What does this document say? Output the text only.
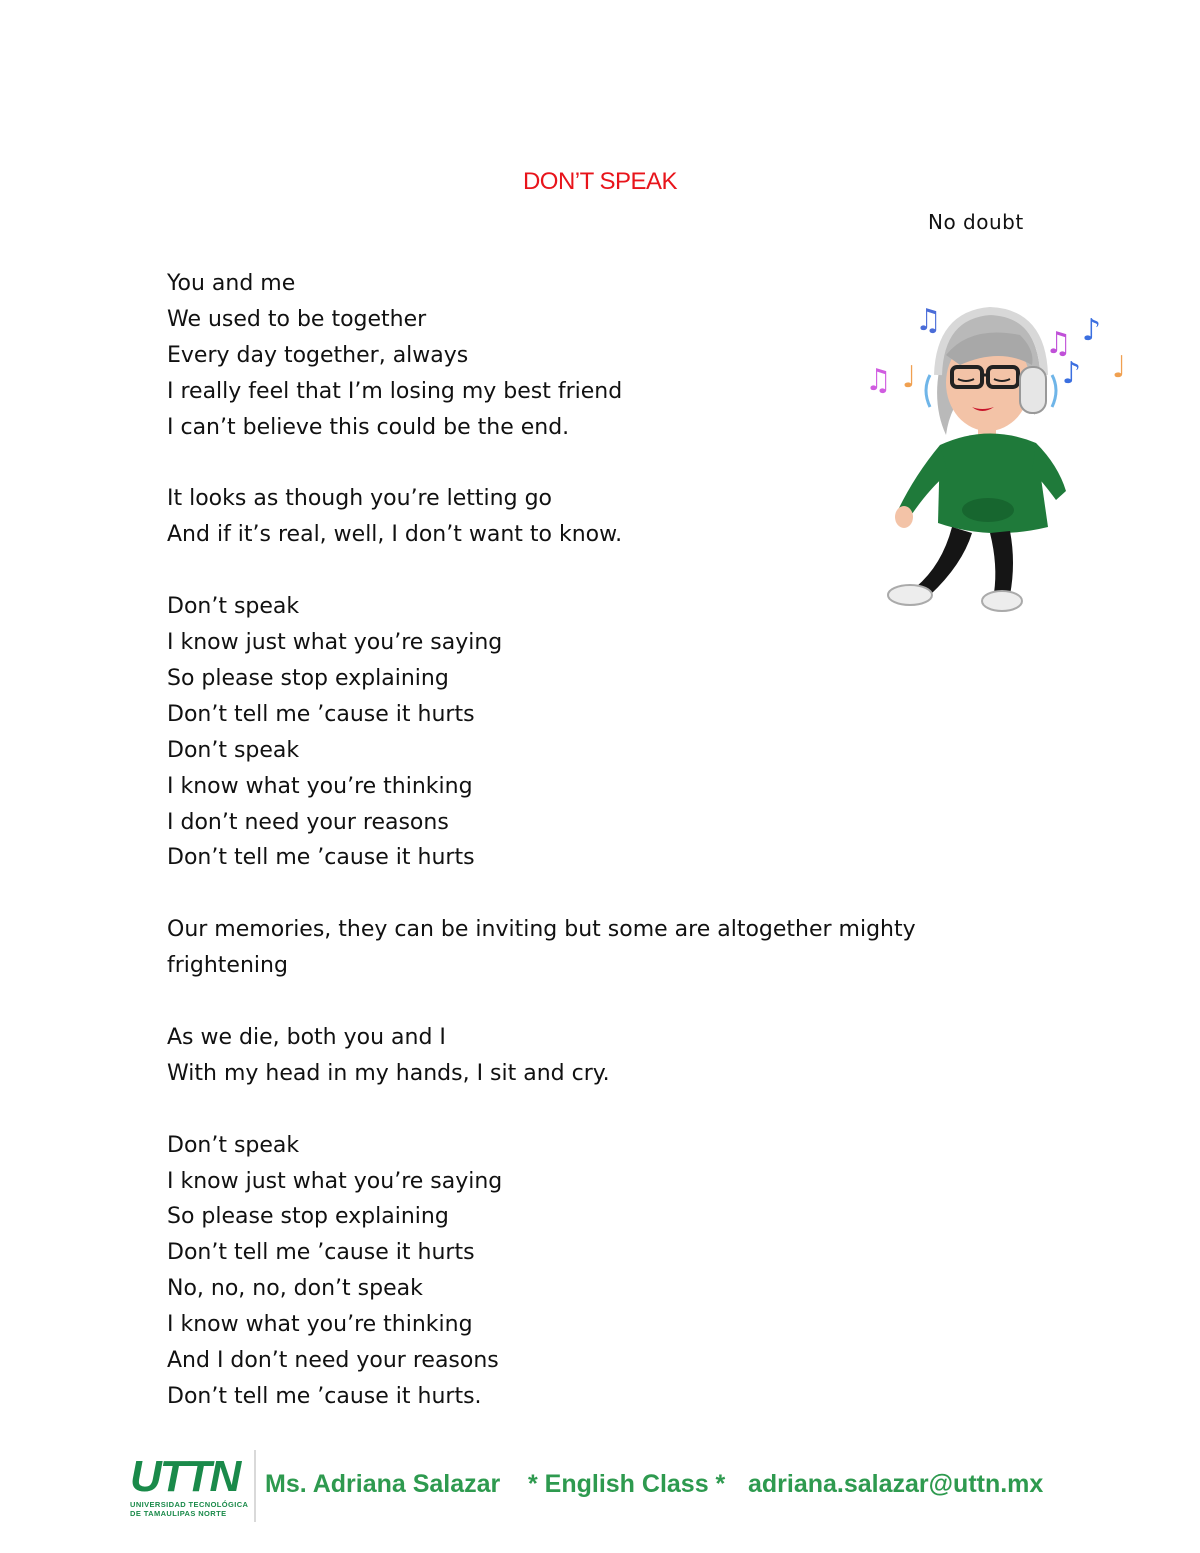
DON’T SPEAK
No doubt
You and me
We used to be together
Every day together, always
I really feel that I’m losing my best friend
I can’t believe this could be the end.
It looks as though you’re letting go
And if it’s real, well, I don’t want to know.
Don’t speak
I know just what you’re saying
So please stop explaining
Don’t tell me ’cause it hurts
Don’t speak
I know what you’re thinking
I don’t need your reasons
Don’t tell me ’cause it hurts
Our memories, they can be inviting but some are altogether mighty frightening
As we die, both you and I
With my head in my hands, I sit and cry.
Don’t speak
I know just what you’re saying
So please stop explaining
Don’t tell me ’cause it hurts
No, no, no, don’t speak
I know what you’re thinking
And I don’t need your reasons
Don’t tell me ’cause it hurts.
♫
♫ ♩
♫ ♪
♪ ♩
UTTN
UNIVERSIDAD TECNOLÓGICA
DE TAMAULIPAS NORTE
Ms. Adriana Salazar * English Class * adriana.salazar@uttn.mx
